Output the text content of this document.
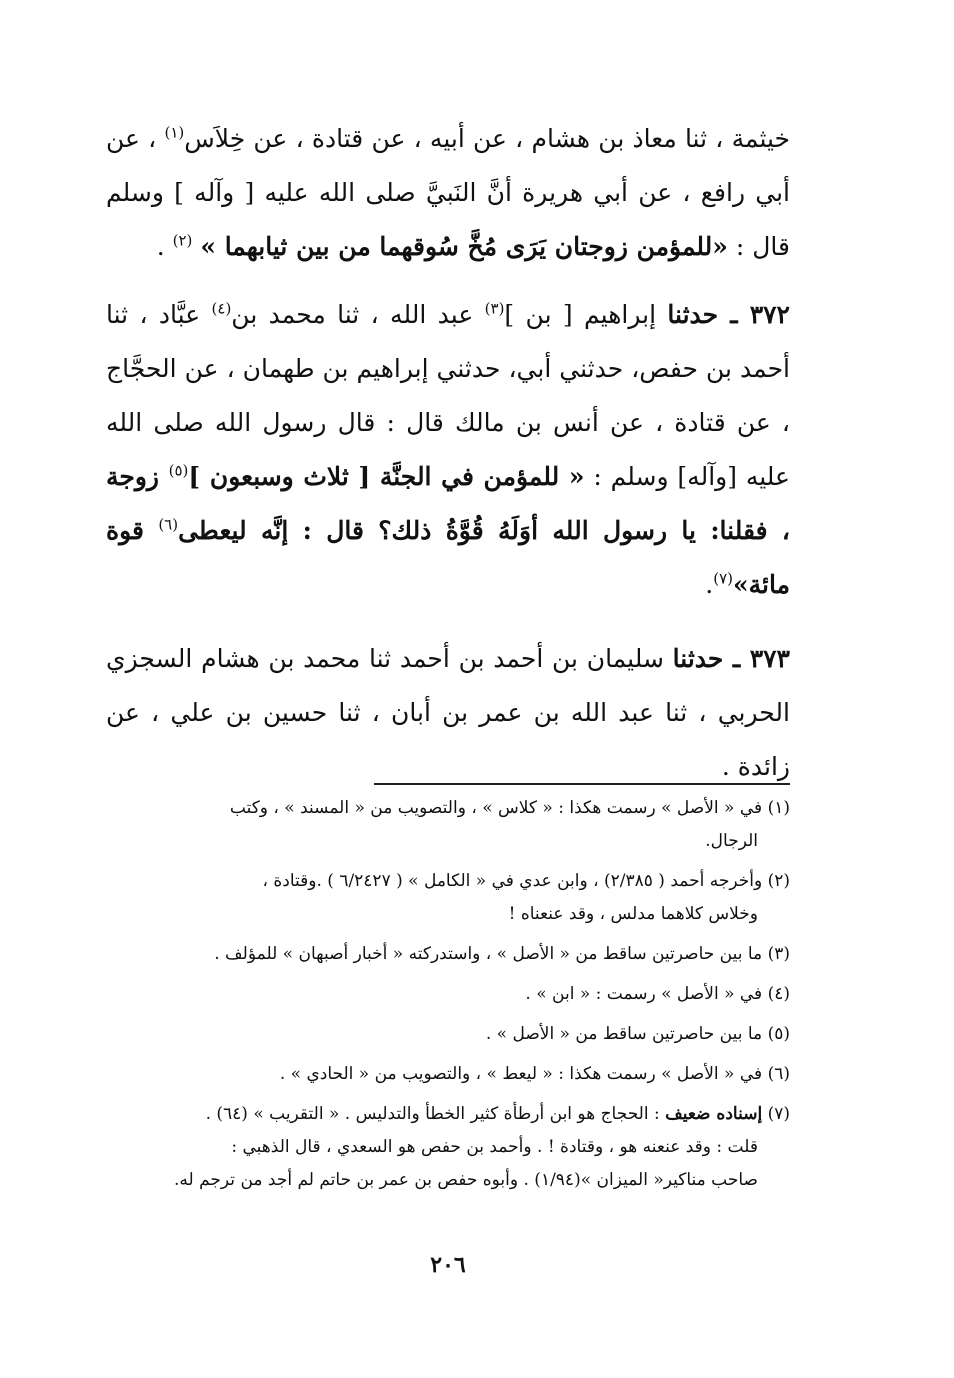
خيثمة ، ثنا معاذ بن هشام ، عن أبيه ، عن قتادة ، عن خِلاَس$^{(١)}$ ، عن أبي رافع ، عن أبي هريرة أنَّ النَبيَّ صلى الله عليه [ وآله ] وسلم قال : «للمؤمن زوجتان يَرَى مُخَّ سُوقهما من بين ثيابهما » $^{(٢)}$ .

٣٧٢ ـ حدثنا إبراهيم [ بن ]$^{(٣)}$ عبد الله ، ثنا محمد بن$^{(٤)}$ عبَّاد ، ثنا أحمد بن حفص، حدثني أبي، حدثني إبراهيم بن طهمان ، عن الحجَّاج ، عن قتادة ، عن أنس بن مالك قال : قال رسول الله صلى الله عليه [وآله] وسلم : « للمؤمن في الجنَّة [ ثلاث وسبعون ]$^{(٥)}$ زوجة ، فقلنا: يا رسول الله أوَلَهُ قُوَّةُ ذلك؟ قال : إنَّه ليعطى$^{(٦)}$ قوة مائة»$^{(٧)}$.

٣٧٣ ـ حدثنا سليمان بن أحمد بن أحمد ثنا محمد بن هشام السجزي الحربي ، ثنا عبد الله بن عمر بن أبان ، ثنا حسين بن علي ، عن زائدة .

(١) في « الأصل » رسمت هكذا : « كلاس » ، والتصويب من « المسند » ، وكتب
الرجال.
(٢) وأخرجه أحمد ( ٢/٣٨٥) ، وابن عدي في « الكامل » ( ٦/٢٤٢٧ ) .وقتادة ،
وخلاس كلاهما مدلس ، وقد عنعناه !
(٣) ما بين حاصرتين ساقط من « الأصل » ، واستدركته « أخبار أصبهان » للمؤلف .
(٤) في « الأصل » رسمت : « ابن » .
(٥) ما بين حاصرتين ساقط من « الأصل » .
(٦) في « الأصل » رسمت هكذا : « ليعط » ، والتصويب من « الحادي » .
(٧) إسناده ضعيف : الحجاج هو ابن أرطأة كثير الخطأ والتدليس . « التقريب » (٦٤) .
قلت : وقد عنعنه هو ، وقتادة ! . وأحمد بن حفص هو السعدي ، قال الذهبي :
صاحب مناكير« الميزان »(١/٩٤) . وأبوه حفص بن عمر بن حاتم لم أجد من ترجم له.
٢٠٦
